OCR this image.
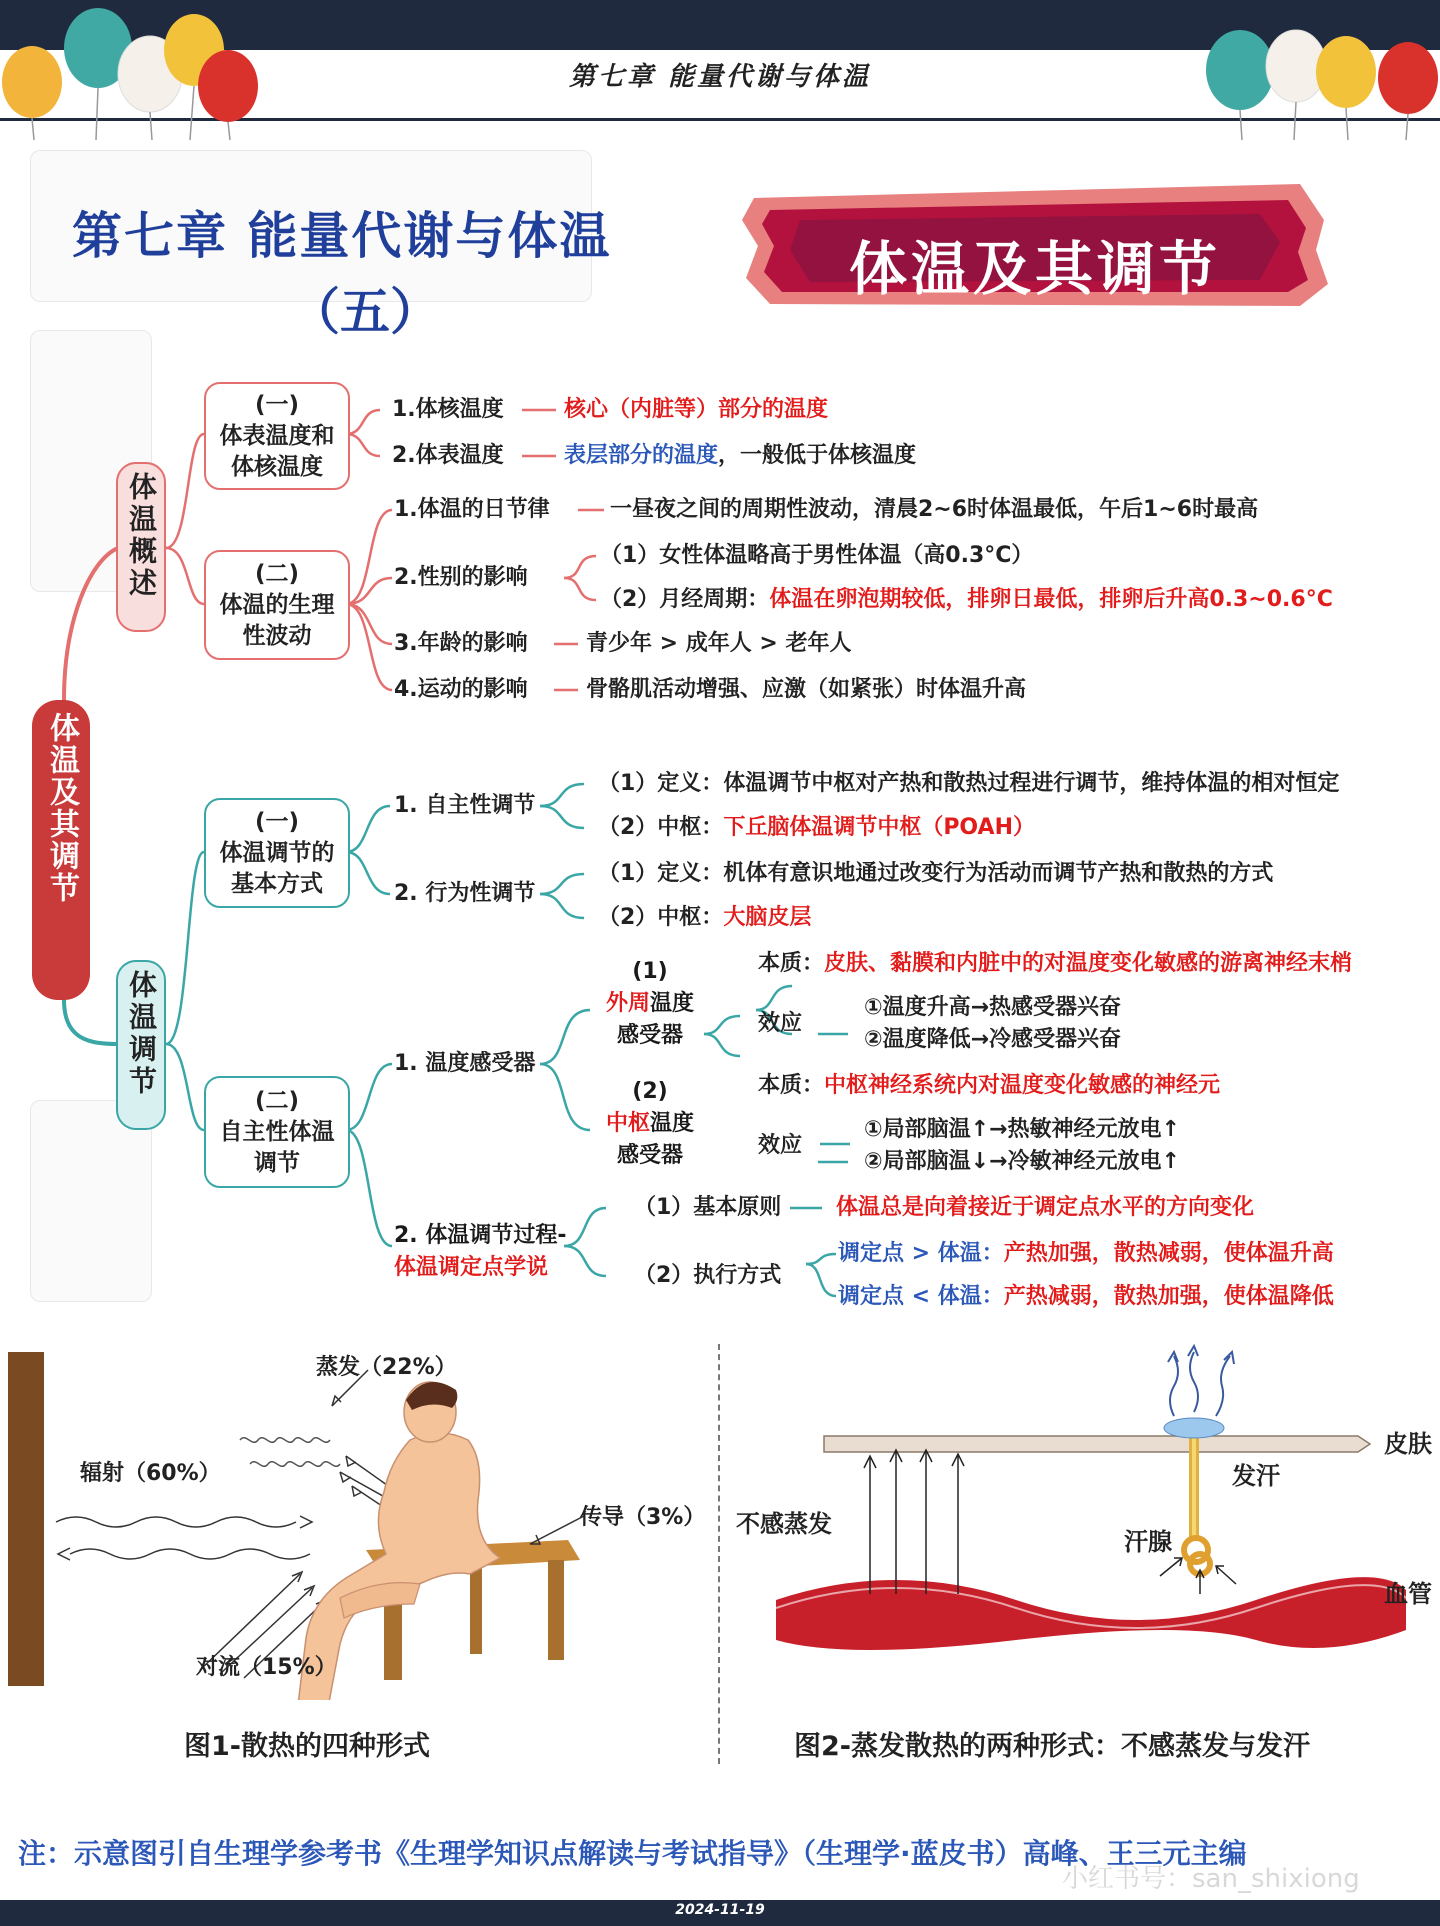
第七章 能量代谢与体温
第七章 能量代谢与体温
（五）
体温及其调节
体温及其调节
体温概述
体温调节
(一)
体表温度和
体核温度
1.体核温度	核心（内脏等）部分的温度
2.体表温度	表层部分的温度，一般低于体核温度
(二)
体温的生理
性波动
1.体温的日节律	一昼夜之间的周期性波动，清晨2~6时体温最低，午后1~6时最高
2.性别的影响
（1）女性体温略高于男性体温（高0.3°C）
（2）月经周期：体温在卵泡期较低，排卵日最低，排卵后升高0.3~0.6°C
3.年龄的影响	青少年 > 成年人 > 老年人
4.运动的影响	骨骼肌活动增强、应激（如紧张）时体温升高
(一)
体温调节的
基本方式
1. 自主性调节
（1）定义：体温调节中枢对产热和散热过程进行调节，维持体温的相对恒定
（2）中枢：下丘脑体温调节中枢（POAH）
2. 行为性调节
（1）定义：机体有意识地通过改变行为活动而调节产热和散热的方式
（2）中枢：大脑皮层
(二)
自主性体温
调节
1. 温度感受器
(1)
外周温度
感受器
本质：皮肤、黏膜和内脏中的对温度变化敏感的游离神经末梢
效应
①温度升高→热感受器兴奋
②温度降低→冷感受器兴奋
(2)
中枢温度
感受器
本质：中枢神经系统内对温度变化敏感的神经元
效应
①局部脑温↑→热敏神经元放电↑
②局部脑温↓→冷敏神经元放电↑
2. 体温调节过程-
体温调定点学说
（1）基本原则 体温总是向着接近于调定点水平的方向变化
（2）执行方式
调定点 > 体温：产热加强，散热减弱，使体温升高
调定点 < 体温：产热减弱，散热加强，使体温降低
蒸发（22%）
辐射（60%）
传导（3%）
对流（15%）
图1-散热的四种形式
皮肤
发汗
不感蒸发
汗腺
血管
图2-蒸发散热的两种形式：不感蒸发与发汗
小红书号：san_shixiong
注：示意图引自生理学参考书《生理学知识点解读与考试指导》（生理学·蓝皮书）高峰、王三元主编
2024-11-19
